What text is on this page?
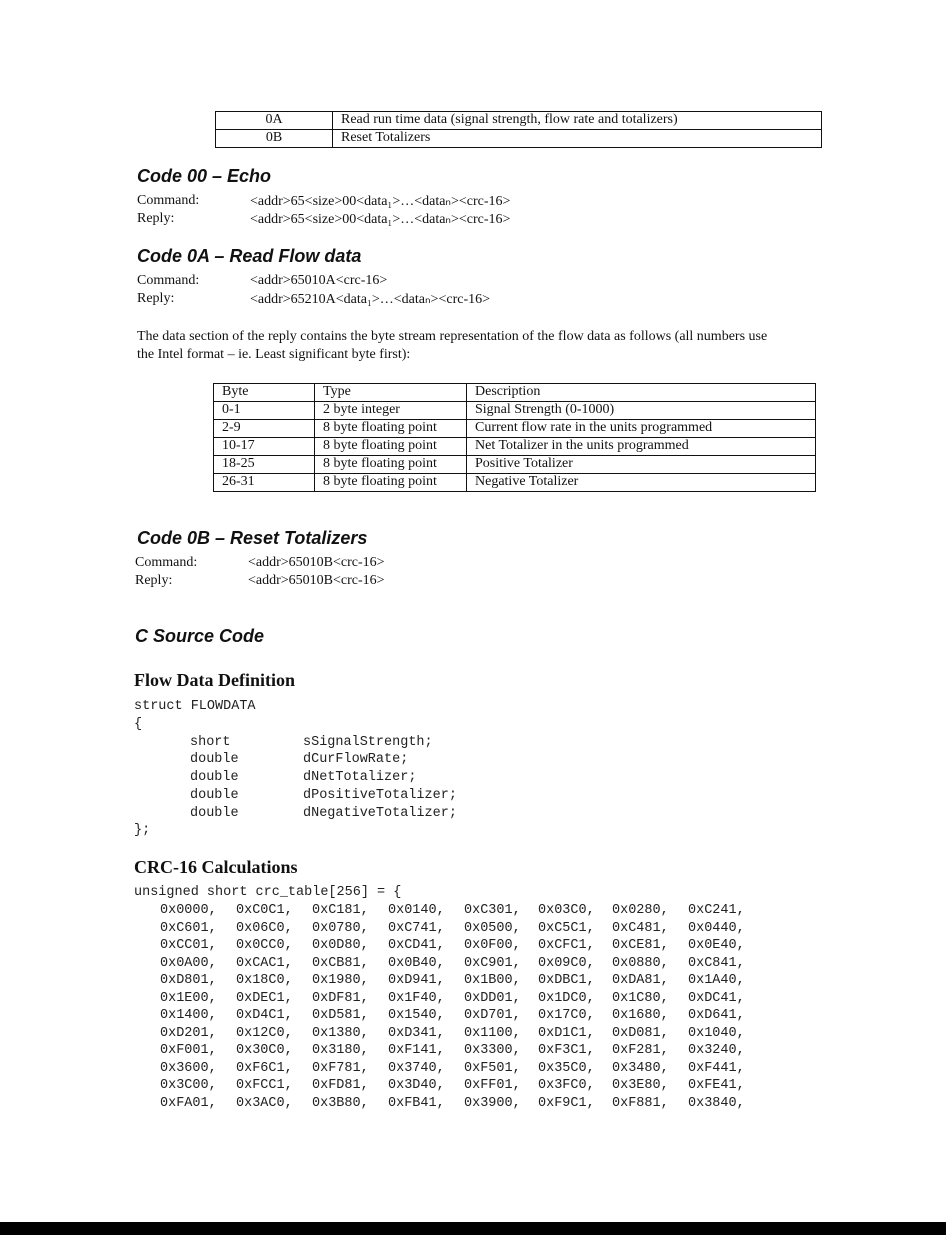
0A	Read run time data (signal strength, flow rate and totalizers)
0B	Reset Totalizers
Code 00 – Echo
Command:	<addr>65<size>00<data₁>…<dataₙ><crc-16>
Reply:	<addr>65<size>00<data₁>…<dataₙ><crc-16>
Code 0A – Read Flow data
Command:	<addr>65010A<crc-16>
Reply:	<addr>65210A<data₁>…<dataₙ><crc-16>
The data section of the reply contains the byte stream representation of the flow data as follows (all numbers use the Intel format – ie. Least significant byte first):
Byte	Type	Description
0-1	2 byte integer	Signal Strength (0-1000)
2-9	8 byte floating point	Current flow rate in the units programmed
10-17	8 byte floating point	Net Totalizer in the units programmed
18-25	8 byte floating point	Positive Totalizer
26-31	8 byte floating point	Negative Totalizer
Code 0B – Reset Totalizers
Command:	<addr>65010B<crc-16>
Reply:	<addr>65010B<crc-16>
C Source Code
Flow Data Definition
struct FLOWDATA
{
short	sSignalStrength;
double	dCurFlowRate;
double	dNetTotalizer;
double	dPositiveTotalizer;
double	dNegativeTotalizer;
};
CRC-16 Calculations
unsigned short crc_table[256] = {
0x0000, 0xC0C1, 0xC181, 0x0140, 0xC301, 0x03C0, 0x0280, 0xC241,
0xC601, 0x06C0, 0x0780, 0xC741, 0x0500, 0xC5C1, 0xC481, 0x0440,
0xCC01, 0x0CC0, 0x0D80, 0xCD41, 0x0F00, 0xCFC1, 0xCE81, 0x0E40,
0x0A00, 0xCAC1, 0xCB81, 0x0B40, 0xC901, 0x09C0, 0x0880, 0xC841,
0xD801, 0x18C0, 0x1980, 0xD941, 0x1B00, 0xDBC1, 0xDA81, 0x1A40,
0x1E00, 0xDEC1, 0xDF81, 0x1F40, 0xDD01, 0x1DC0, 0x1C80, 0xDC41,
0x1400, 0xD4C1, 0xD581, 0x1540, 0xD701, 0x17C0, 0x1680, 0xD641,
0xD201, 0x12C0, 0x1380, 0xD341, 0x1100, 0xD1C1, 0xD081, 0x1040,
0xF001, 0x30C0, 0x3180, 0xF141, 0x3300, 0xF3C1, 0xF281, 0x3240,
0x3600, 0xF6C1, 0xF781, 0x3740, 0xF501, 0x35C0, 0x3480, 0xF441,
0x3C00, 0xFCC1, 0xFD81, 0x3D40, 0xFF01, 0x3FC0, 0x3E80, 0xFE41,
0xFA01, 0x3AC0, 0x3B80, 0xFB41, 0x3900, 0xF9C1, 0xF881, 0x3840,
